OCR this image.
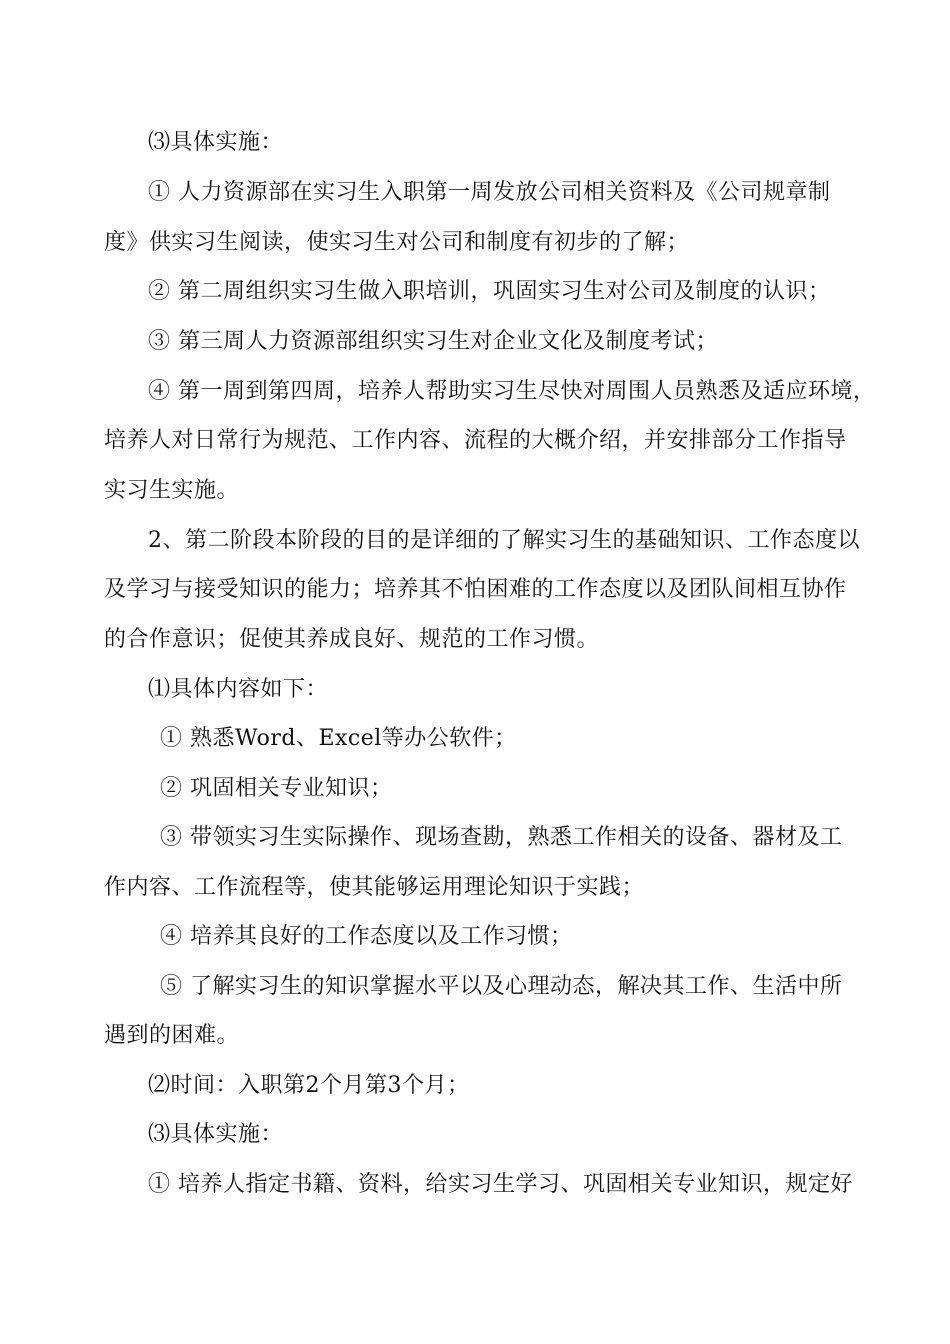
⑶具体实施：
① 人力资源部在实习生入职第一周发放公司相关资料及《公司规章制
度》供实习生阅读，使实习生对公司和制度有初步的了解；
② 第二周组织实习生做入职培训，巩固实习生对公司及制度的认识；
③ 第三周人力资源部组织实习生对企业文化及制度考试；
④ 第一周到第四周，培养人帮助实习生尽快对周围人员熟悉及适应环境，
培养人对日常行为规范、工作内容、流程的大概介绍，并安排部分工作指导
实习生实施。
2、第二阶段本阶段的目的是详细的了解实习生的基础知识、工作态度以
及学习与接受知识的能力；培养其不怕困难的工作态度以及团队间相互协作
的合作意识；促使其养成良好、规范的工作习惯。
⑴具体内容如下：
① 熟悉Word、Excel等办公软件；
② 巩固相关专业知识；
③ 带领实习生实际操作、现场查勘，熟悉工作相关的设备、器材及工
作内容、工作流程等，使其能够运用理论知识于实践；
④ 培养其良好的工作态度以及工作习惯；
⑤ 了解实习生的知识掌握水平以及心理动态，解决其工作、生活中所
遇到的困难。
⑵时间：入职第2个月第3个月；
⑶具体实施：
① 培养人指定书籍、资料，给实习生学习、巩固相关专业知识，规定好
